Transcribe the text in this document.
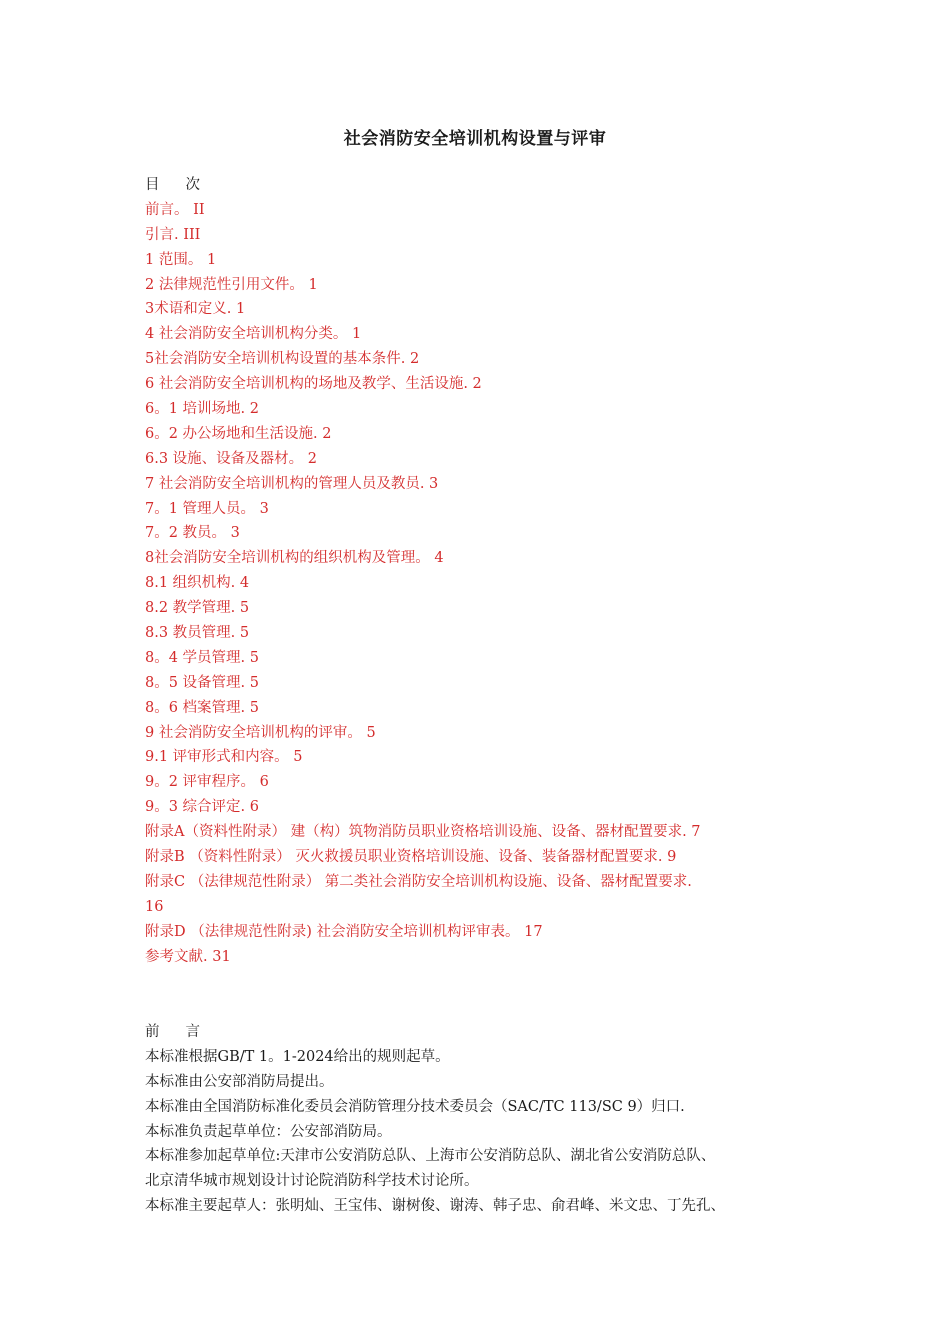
社会消防安全培训机构设置与评审
目次
前言。 II
引言. III
1 范围。 1
2 法律规范性引用文件。 1
3术语和定义. 1
4 社会消防安全培训机构分类。 1
5社会消防安全培训机构设置的基本条件. 2
6 社会消防安全培训机构的场地及教学、生活设施. 2
6。1 培训场地. 2
6。2 办公场地和生活设施. 2
6.3 设施、设备及器材。 2
7 社会消防安全培训机构的管理人员及教员. 3
7。1 管理人员。 3
7。2 教员。 3
8社会消防安全培训机构的组织机构及管理。 4
8.1 组织机构. 4
8.2 教学管理. 5
8.3 教员管理. 5
8。4 学员管理. 5
8。5 设备管理. 5
8。6 档案管理. 5
9 社会消防安全培训机构的评审。 5
9.1 评审形式和内容。 5
9。2 评审程序。 6
9。3 综合评定. 6
附录A（资料性附录） 建（构）筑物消防员职业资格培训设施、设备、器材配置要求. 7
附录B （资料性附录） 灭火救援员职业资格培训设施、设备、装备器材配置要求. 9
附录C （法律规范性附录） 第二类社会消防安全培训机构设施、设备、器材配置要求.
16
附录D （法律规范性附录) 社会消防安全培训机构评审表。 17
参考文献. 31
前言
本标准根据GB/T 1。1-2024给出的规则起草。
本标准由公安部消防局提出。
本标准由全国消防标准化委员会消防管理分技术委员会（SAC/TC 113/SC 9）归口.
本标准负责起草单位：公安部消防局。
本标准参加起草单位:天津市公安消防总队、上海市公安消防总队、湖北省公安消防总队、
北京清华城市规划设计讨论院消防科学技术讨论所。
本标准主要起草人：张明灿、王宝伟、谢树俊、谢涛、韩子忠、俞君峰、米文忠、丁先孔、
